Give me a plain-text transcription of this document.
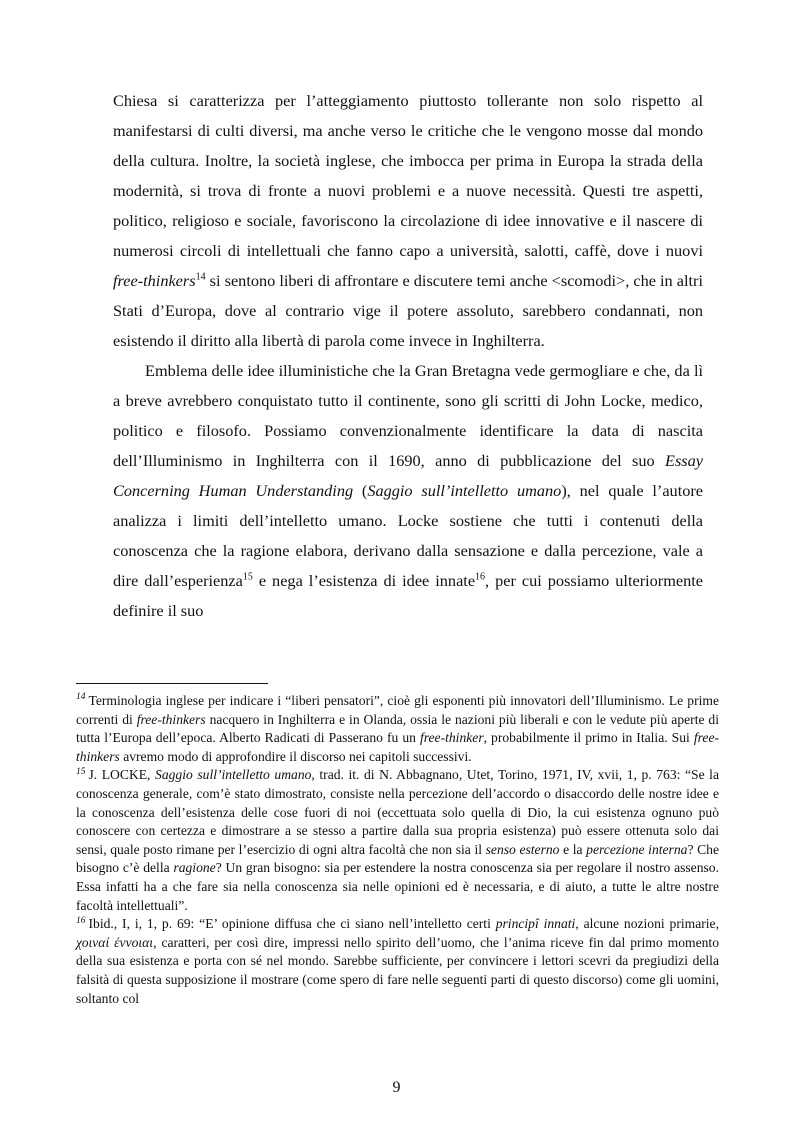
Chiesa si caratterizza per l’atteggiamento piuttosto tollerante non solo rispetto al manifestarsi di culti diversi, ma anche verso le critiche che le vengono mosse dal mondo della cultura. Inoltre, la società inglese, che imbocca per prima in Europa la strada della modernità, si trova di fronte a nuovi problemi e a nuove necessità. Questi tre aspetti, politico, religioso e sociale, favoriscono la circolazione di idee innovative e il nascere di numerosi circoli di intellettuali che fanno capo a università, salotti, caffè, dove i nuovi free-thinkers$^{14}$ si sentono liberi di affrontare e discutere temi anche <scomodi>, che in altri Stati d’Europa, dove al contrario vige il potere assoluto, sarebbero condannati, non esistendo il diritto alla libertà di parola come invece in Inghilterra.

Emblema delle idee illuministiche che la Gran Bretagna vede germogliare e che, da lì a breve avrebbero conquistato tutto il continente, sono gli scritti di John Locke, medico, politico e filosofo. Possiamo convenzionalmente identificare la data di nascita dell’Illuminismo in Inghilterra con il 1690, anno di pubblicazione del suo Essay Concerning Human Understanding (Saggio sull’intelletto umano), nel quale l’autore analizza i limiti dell’intelletto umano. Locke sostiene che tutti i contenuti della conoscenza che la ragione elabora, derivano dalla sensazione e dalla percezione, vale a dire dall’esperienza$^{15}$ e nega l’esistenza di idee innate$^{16}$, per cui possiamo ulteriormente definire il suo

$^{14}$ Terminologia inglese per indicare i “liberi pensatori”, cioè gli esponenti più innovatori dell’Illuminismo. Le prime correnti di free-thinkers nacquero in Inghilterra e in Olanda, ossia le nazioni più liberali e con le vedute più aperte di tutta l’Europa dell’epoca. Alberto Radicati di Passerano fu un free-thinker, probabilmente il primo in Italia. Sui free-thinkers avremo modo di approfondire il discorso nei capitoli successivi.

$^{15}$ J. LOCKE, Saggio sull’intelletto umano, trad. it. di N. Abbagnano, Utet, Torino, 1971, IV, xvii, 1, p. 763: “Se la conoscenza generale, com’è stato dimostrato, consiste nella percezione dell’accordo o disaccordo delle nostre idee e la conoscenza dell’esistenza delle cose fuori di noi (eccettuata solo quella di Dio, la cui esistenza ognuno può conoscere con certezza e dimostrare a se stesso a partire dalla sua propria esistenza) può essere ottenuta solo dai sensi, quale posto rimane per l’esercizio di ogni altra facoltà che non sia il senso esterno e la percezione interna? Che bisogno c’è della ragione? Un gran bisogno: sia per estendere la nostra conoscenza sia per regolare il nostro assenso. Essa infatti ha a che fare sia nella conoscenza sia nelle opinioni ed è necessaria, e di aiuto, a tutte le altre nostre facoltà intellettuali”.

$^{16}$ Ibid., I, i, 1, p. 69: “E’ opinione diffusa che ci siano nell’intelletto certi principî innati, alcune nozioni primarie, χοιναί έννοιαι, caratteri, per così dire, impressi nello spirito dell’uomo, che l’anima riceve fin dal primo momento della sua esistenza e porta con sé nel mondo. Sarebbe sufficiente, per convincere i lettori scevri da pregiudizi della falsità di questa supposizione il mostrare (come spero di fare nelle seguenti parti di questo discorso) come gli uomini, soltanto col

9
